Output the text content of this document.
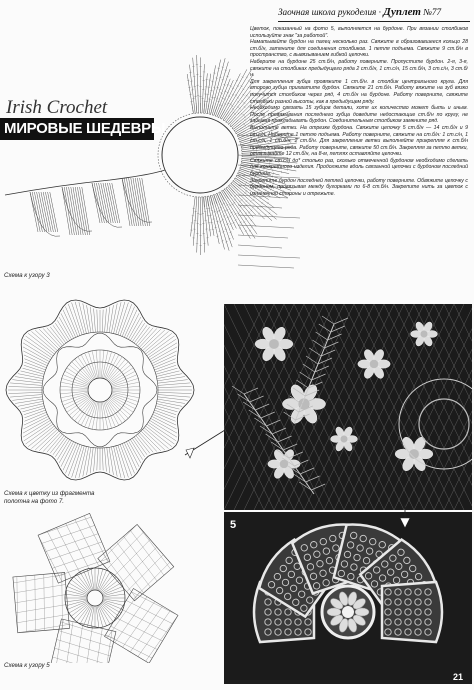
Заочная школа рукоделия · Дуплет №77
Irish Crochet
МИРОВЫЕ ШЕДЕВРЫ

Цветок, показанный на фото 5, выполняется на бурдоне. При вязании столбиков используйте знак "за работой".

Наматывайте бурдон на палец несколько раз. Свяжите в образовавшееся кольцо 28 ст.б/н, затяните для соединения столбиков. 1 петля подъема. Свяжите 9 ст.б/н в пространство, с вывязыванием гибкой цепочки.

Наберите на бурдоне 25 ст.б/н, работу поверните. Пропустите бурдон. 2-я, 3-я, свяжите на столбиках предыдущего ряда 2 ст.б/н, 1 ст.с/н, 15 ст.б/н, 3 ст.с/н, 3 ст.б/н.

Для закрепления зубца провяжите 1 ст.б/н. в столбик центрального круга. Для второго зубца прихватите бурдон. Свяжите 21 ст.б/н. Работу вяжите на зуб вязко получится столбиков через ряд, 4 ст.б/н на бурдоне. Работу поверните, свяжите столбики разной высоты, как в предыдущем ряду.

Необходимо связать 15 зубцов детали, хотя их количество может быть и иным. После провязывания последнего зубца доведите недостающие ст.б/н по кругу, не забывая прокладывать бурдон. Соединительным столбиком замкните ряд.

Выполните ветки. На отрезке бурдона. Свяжите цепочку 5 ст.б/н — 14 ст.б/н и 9 ст.с/н. Наберите 1 петлю подъема. Работу поверните, свяжите на ст.б/н: 1 ст.с/н, 1 ст.с/н, 1 ст.б/н, 2 ст.б/н. Для закрепления ветки выполняйте прикрепляя к ст.б/н предыдущего ряда. Работу поверните, свяжите 50 ст.б/н. Закрепляя за петлю ветки, отвязывайте 12 ст.б/н, на 8-м, петлях оставляйте цепочки.

Свяжите ст.с/н до* столько раз, сколько отмеченной бурдоном необходимо сделать для конкретного изделия. Продолжите вдоль связанной цепочки с бурдоном последний бурдона.

Закрепите бурдон последней петлей цепочки, работу поверните. Обвяжите цепочку с бурдоном, провязывая между бугорками по 6-8 ст.б/н. Закрепите нить за цветок с изнаночной стороны и отрежьте.

Схема к узору 3
Схема к цветку из фрагмента
полотна на фото 7.
Схема к узору 5
5
21
